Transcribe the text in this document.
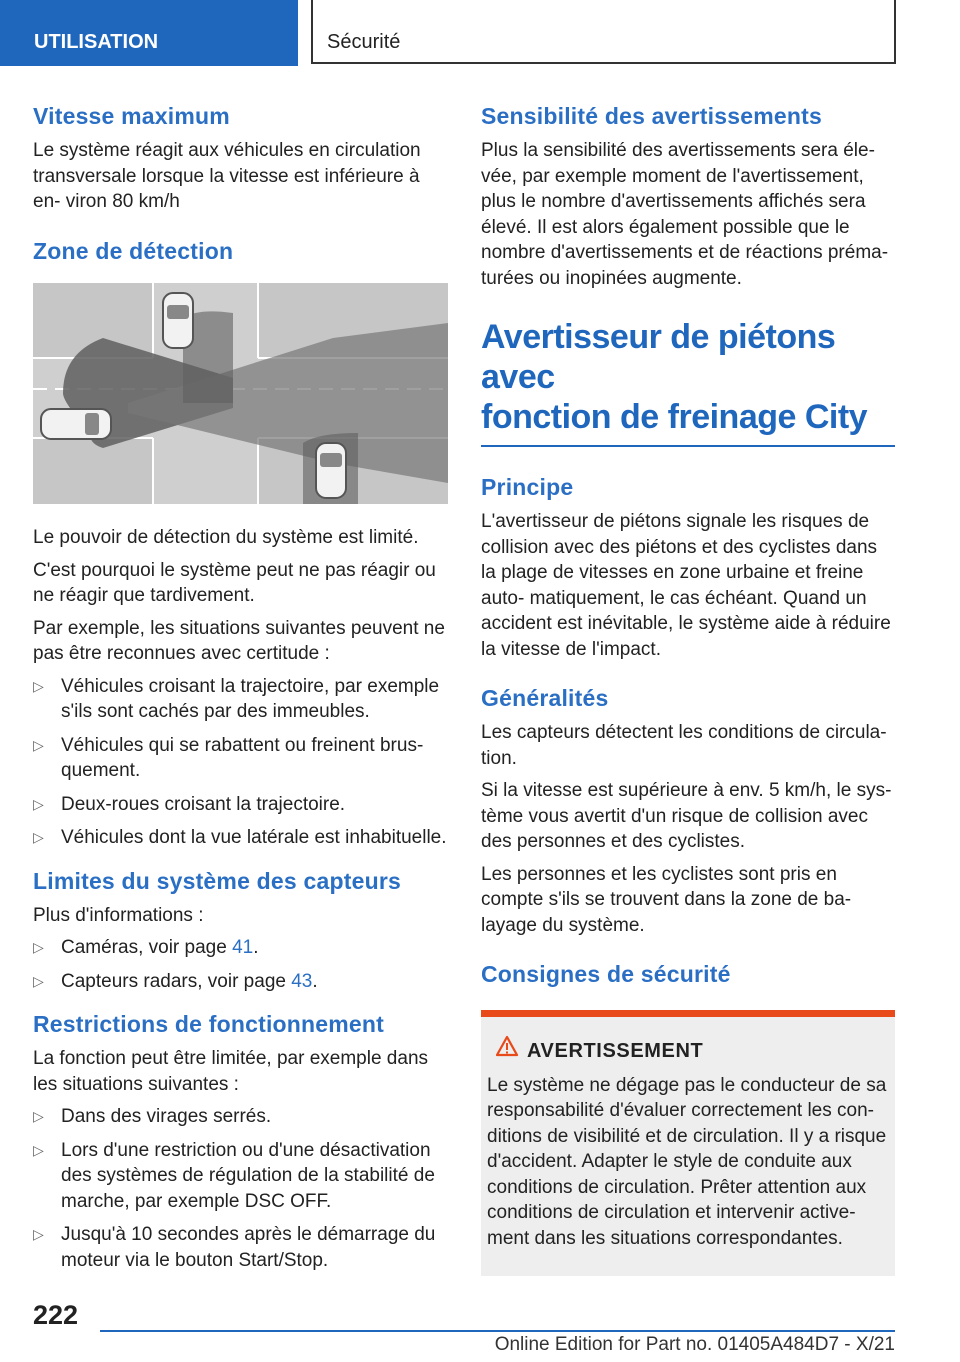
UTILISATION	Sécurité
Vitesse maximum

Le système réagit aux véhicules en circulation transversale lorsque la vitesse est inférieure à en- viron 80 km/h

Zone de détection

Le pouvoir de détection du système est limité.

C'est pourquoi le système peut ne pas réagir ou ne réagir que tardivement.

Par exemple, les situations suivantes peuvent ne pas être reconnues avec certitude :

▷ Véhicules croisant la trajectoire, par exemple s'ils sont cachés par des immeubles.
▷ Véhicules qui se rabattent ou freinent brus- quement.
▷ Deux-roues croisant la trajectoire.
▷ Véhicules dont la vue latérale est inhabituelle.
Limites du système des capteurs

Plus d'informations :

▷ Caméras, voir page 41.
▷ Capteurs radars, voir page 43.
Restrictions de fonctionnement

La fonction peut être limitée, par exemple dans les situations suivantes :

▷ Dans des virages serrés.
▷ Lors d'une restriction ou d'une désactivation des systèmes de régulation de la stabilité de marche, par exemple DSC OFF.
▷ Jusqu'à 10 secondes après le démarrage du moteur via le bouton Start/Stop.
Sensibilité des avertissements

Plus la sensibilité des avertissements sera éle- vée, par exemple moment de l'avertissement, plus le nombre d'avertissements affichés sera élevé. Il est alors également possible que le nombre d'avertissements et de réactions préma- turées ou inopinées augmente.

Avertisseur de piétons avec
fonction de freinage City
Principe

L'avertisseur de piétons signale les risques de collision avec des piétons et des cyclistes dans la plage de vitesses en zone urbaine et freine auto- matiquement, le cas échéant. Quand un accident est inévitable, le système aide à réduire la vitesse de l'impact.

Généralités

Les capteurs détectent les conditions de circula- tion.

Si la vitesse est supérieure à env. 5 km/h, le sys- tème vous avertit d'un risque de collision avec des personnes et des cyclistes.

Les personnes et les cyclistes sont pris en compte s'ils se trouvent dans la zone de ba- layage du système.

Consignes de sécurité
AVERTISSEMENT

Le système ne dégage pas le conducteur de sa responsabilité d'évaluer correctement les con- ditions de visibilité et de circulation. Il y a risque d'accident. Adapter le style de conduite aux conditions de circulation. Prêter attention aux conditions de circulation et intervenir active- ment dans les situations correspondantes.

222
Online Edition for Part no. 01405A484D7 - X/21
